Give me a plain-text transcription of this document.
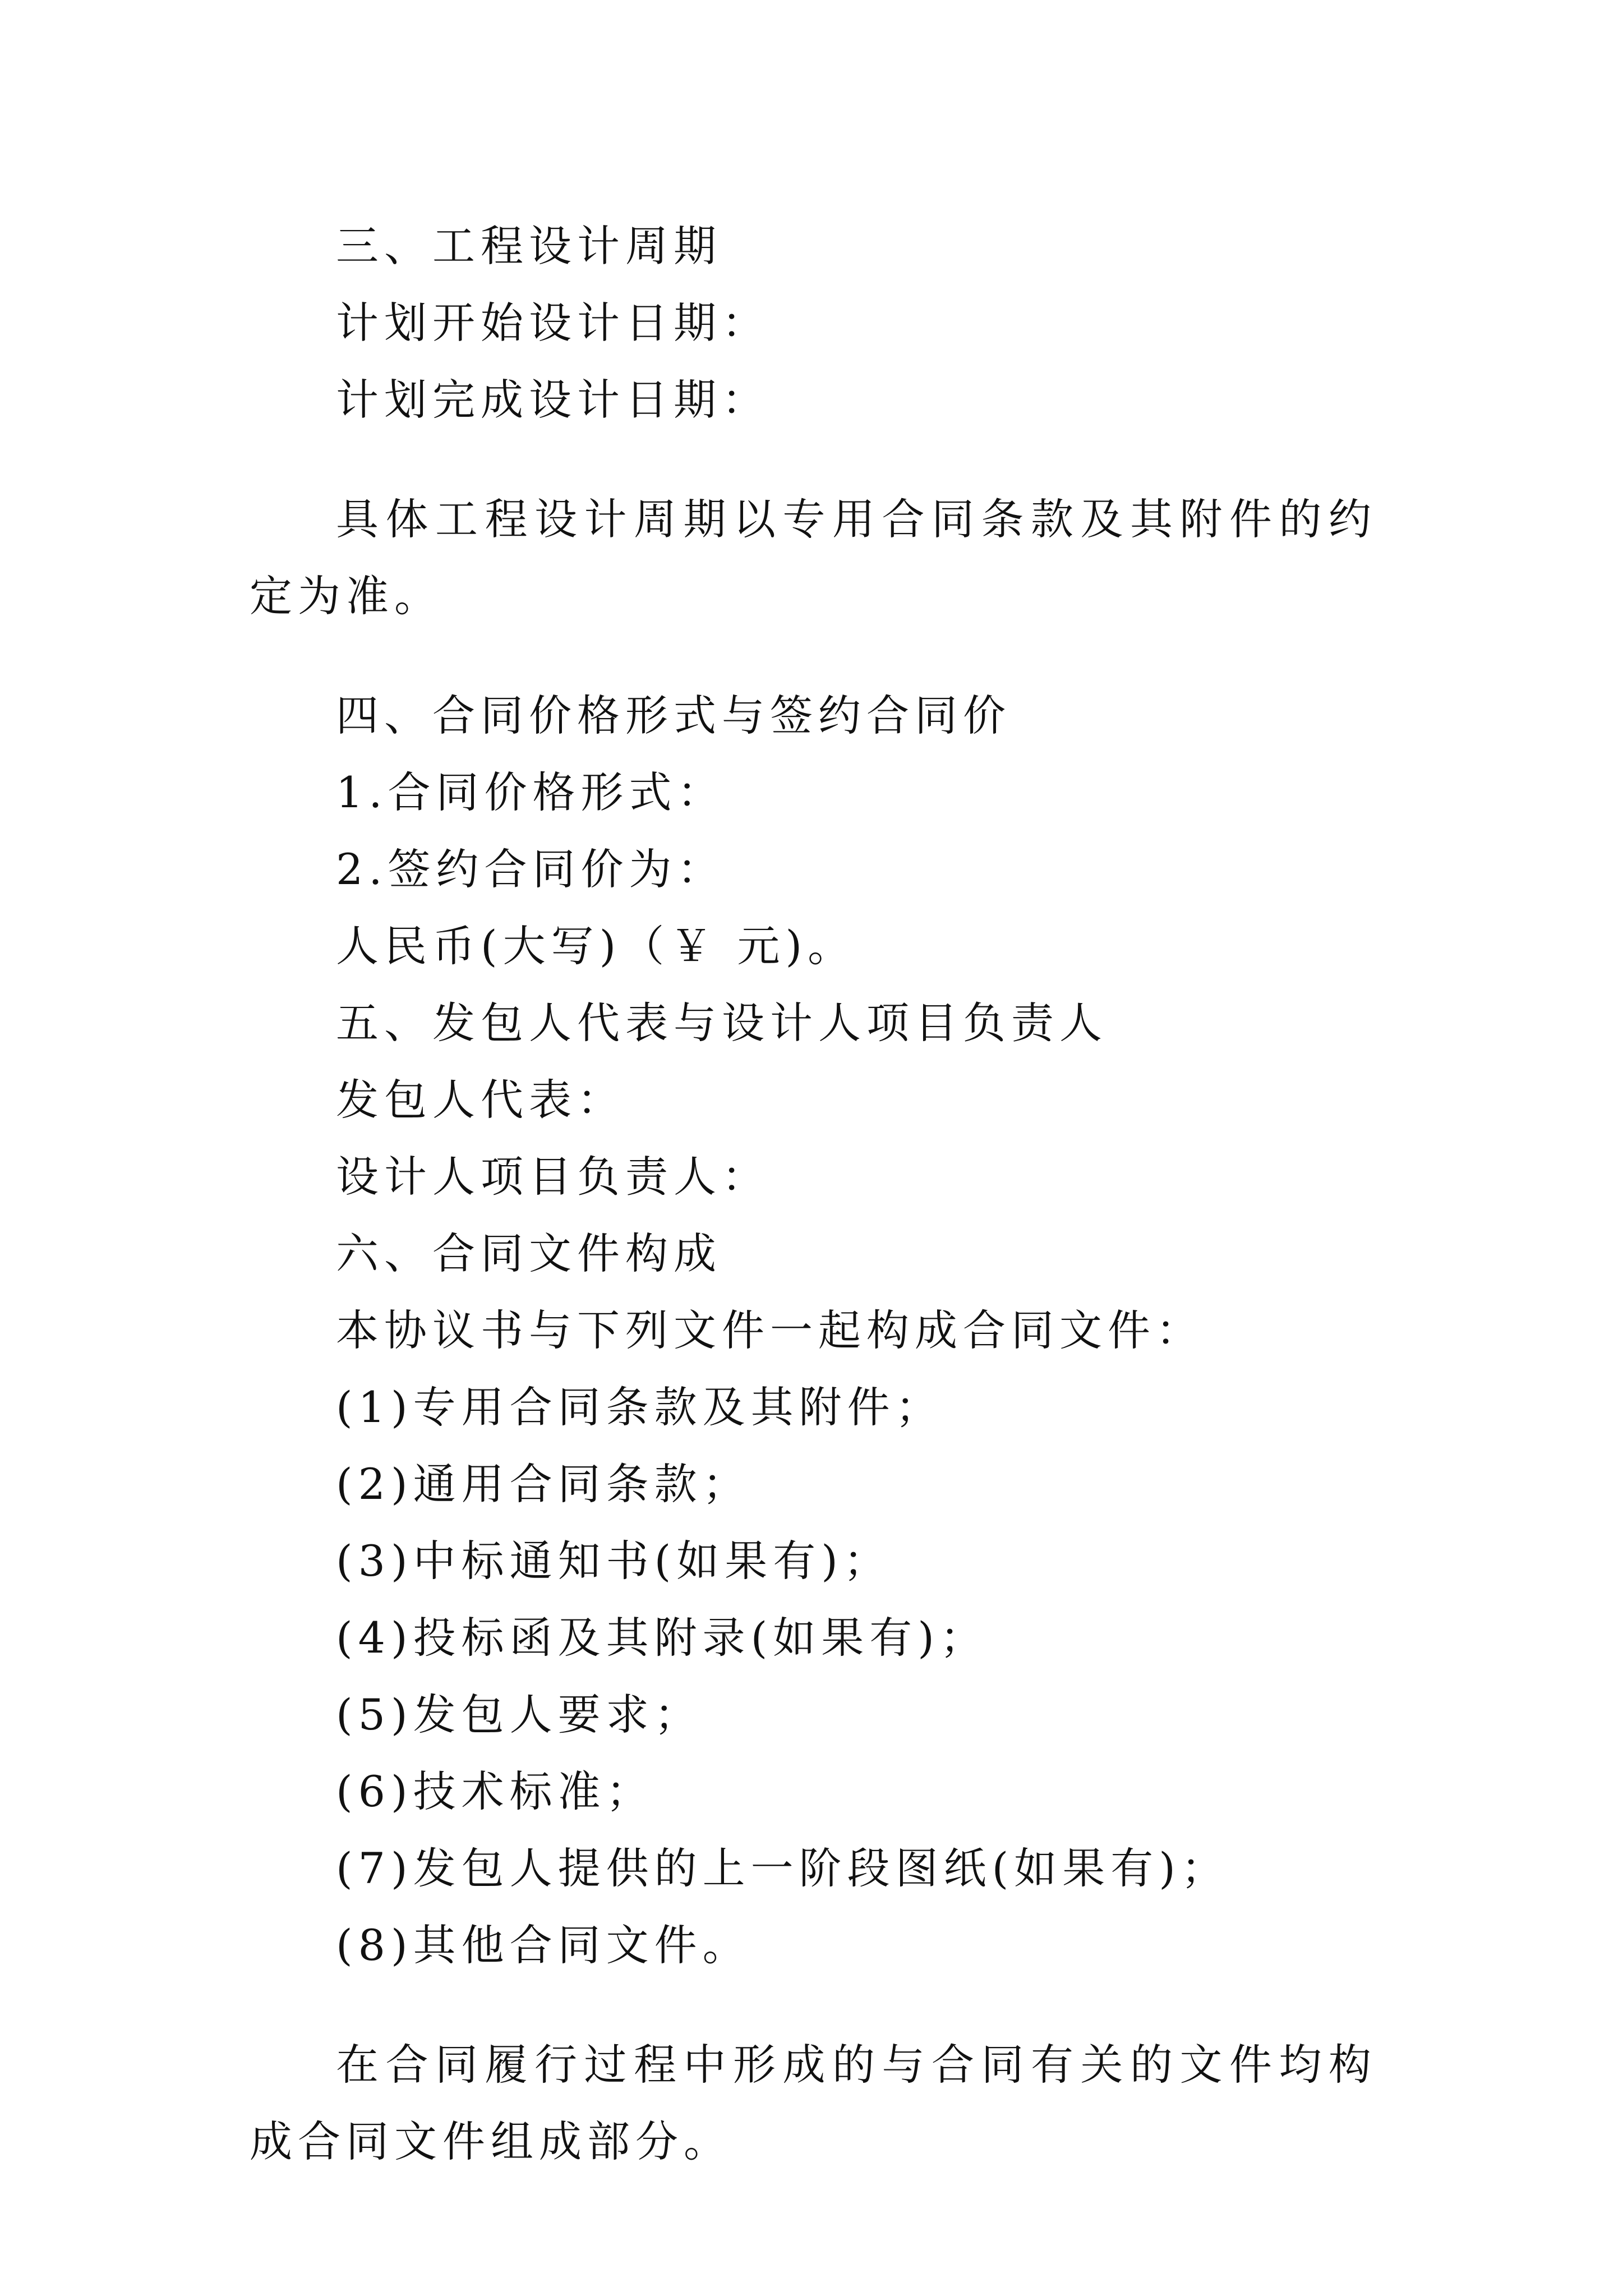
三、工程设计周期

计划开始设计日期：

计划完成设计日期：

具体工程设计周期以专用合同条款及其附件的约定为准。

四、合同价格形式与签约合同价

1.合同价格形式：

2.签约合同价为：

人民币(大写)（￥ 元)。

五、发包人代表与设计人项目负责人

发包人代表：

设计人项目负责人：

六、合同文件构成

本协议书与下列文件一起构成合同文件：

(1)专用合同条款及其附件；

(2)通用合同条款；

(3)中标通知书(如果有)；

(4)投标函及其附录(如果有)；

(5)发包人要求；

(6)技术标准；

(7)发包人提供的上一阶段图纸(如果有)；

(8)其他合同文件。

在合同履行过程中形成的与合同有关的文件均构成合同文件组成部分。
